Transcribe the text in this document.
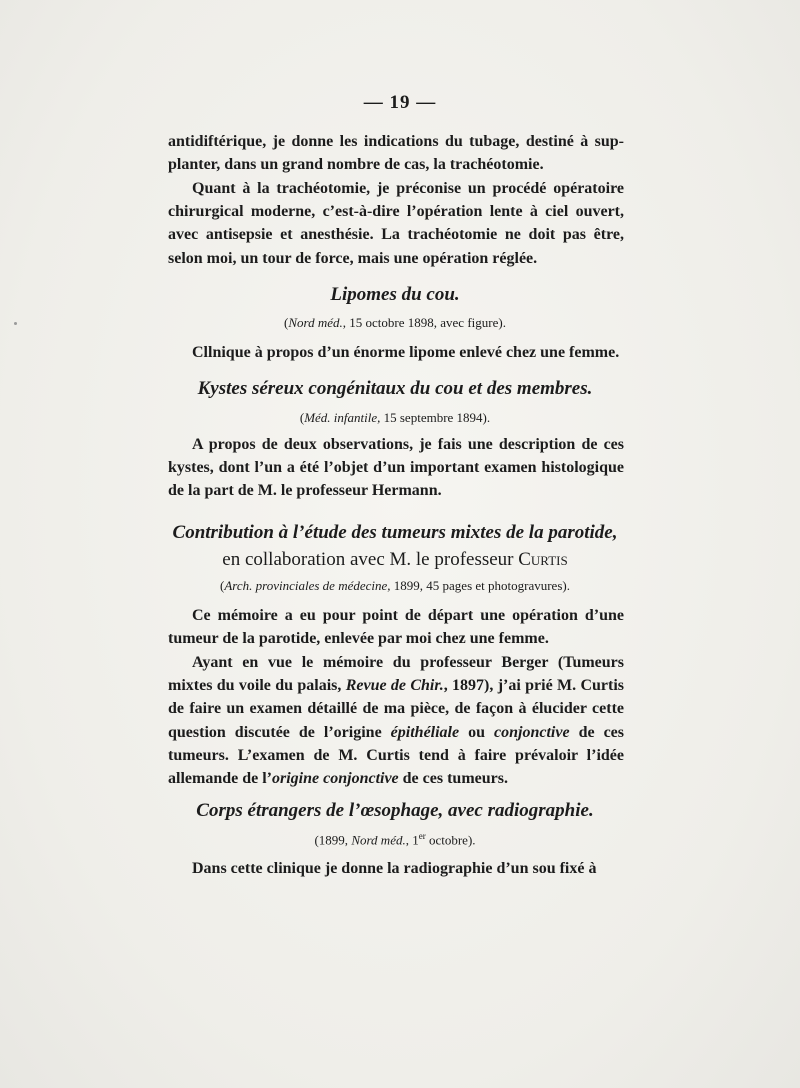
— 19 —

antidiftérique, je donne les indications du tubage, destiné à sup- planter, dans un grand nombre de cas, la trachéotomie.

Quant à la trachéotomie, je préconise un procédé opératoire chirurgical moderne, c’est-à-dire l’opération lente à ciel ouvert, avec antisepsie et anesthésie. La trachéotomie ne doit pas être, selon moi, un tour de force, mais une opération réglée.

Lipomes du cou.

(Nord méd., 15 octobre 1898, avec figure).

Cllnique à propos d’un énorme lipome enlevé chez une femme.

Kystes séreux congénitaux du cou et des membres.

(Méd. infantile, 15 septembre 1894).

A propos de deux observations, je fais une description de ces kystes, dont l’un a été l’objet d’un important examen histologique de la part de M. le professeur Hermann.

Contribution à l’étude des tumeurs mixtes de la parotide,

en collaboration avec M. le professeur Curtis

(Arch. provinciales de médecine, 1899, 45 pages et photogravures).

Ce mémoire a eu pour point de départ une opération d’une tumeur de la parotide, enlevée par moi chez une femme.

Ayant en vue le mémoire du professeur Berger (Tumeurs mixtes du voile du palais, Revue de Chir., 1897), j’ai prié M. Curtis de faire un examen détaillé de ma pièce, de façon à élucider cette question discutée de l’origine épithéliale ou conjonctive de ces tumeurs. L’examen de M. Curtis tend à faire prévaloir l’idée allemande de l’origine conjonctive de ces tumeurs.

Corps étrangers de l’œsophage, avec radiographie.

(1899, Nord méd., 1er octobre).

Dans cette clinique je donne la radiographie d’un sou fixé à
